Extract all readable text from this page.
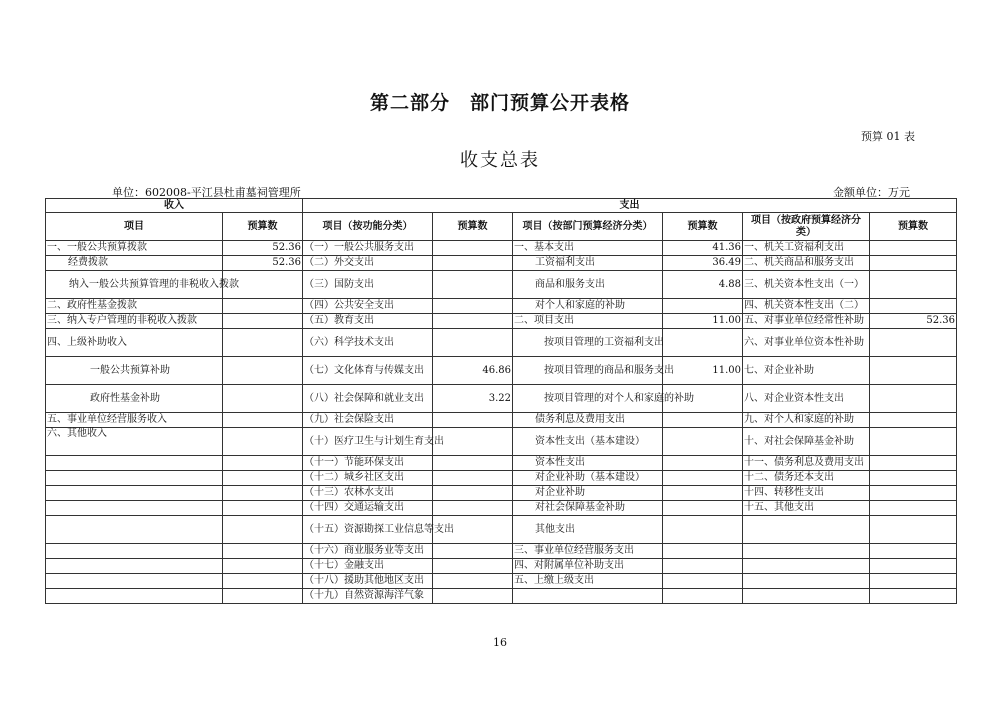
第二部分　部门预算公开表格
预算 01 表
收支总表
单位：602008-平江县杜甫墓祠管理所	金额单位：万元
收入		支出					
项目	预算数	项目（按功能分类）	预算数	项目（按部门预算经济分类）	预算数	项目（按政府预算经济分类）	预算数
一、一般公共预算拨款	52.36	（一）一般公共服务支出		一、基本支出	41.36	一、机关工资福利支出	
经费拨款	52.36	（二）外交支出		工资福利支出	36.49	二、机关商品和服务支出	
纳入一般公共预算管理的非税收入拨款		（三）国防支出		商品和服务支出	4.88	三、机关资本性支出（一）	
二、政府性基金拨款		（四）公共安全支出		对个人和家庭的补助		四、机关资本性支出（二）	
三、纳入专户管理的非税收入拨款		（五）教育支出		二、项目支出	11.00	五、对事业单位经常性补助	52.36
四、上级补助收入		（六）科学技术支出		按项目管理的工资福利支出		六、对事业单位资本性补助	
一般公共预算补助		（七）文化体育与传媒支出	46.86	按项目管理的商品和服务支出	11.00	七、对企业补助	
政府性基金补助		（八）社会保障和就业支出	3.22	按项目管理的对个人和家庭的补助		八、对企业资本性支出	
五、事业单位经营服务收入		（九）社会保险支出		债务利息及费用支出		九、对个人和家庭的补助	
六、其他收入		（十）医疗卫生与计划生育支出		资本性支出（基本建设）		十、对社会保障基金补助	
		（十一）节能环保支出		资本性支出		十一、债务利息及费用支出	
		（十二）城乡社区支出		对企业补助（基本建设）		十二、债务还本支出	
		（十三）农林水支出		对企业补助		十四、转移性支出	
		（十四）交通运输支出		对社会保障基金补助		十五、其他支出	
		（十五）资源勘探工业信息等支出		其他支出			
		（十六）商业服务业等支出		三、事业单位经营服务支出			
		（十七）金融支出		四、对附属单位补助支出			
		（十八）援助其他地区支出		五、上缴上级支出			
		（十九）自然资源海洋气象					
16
